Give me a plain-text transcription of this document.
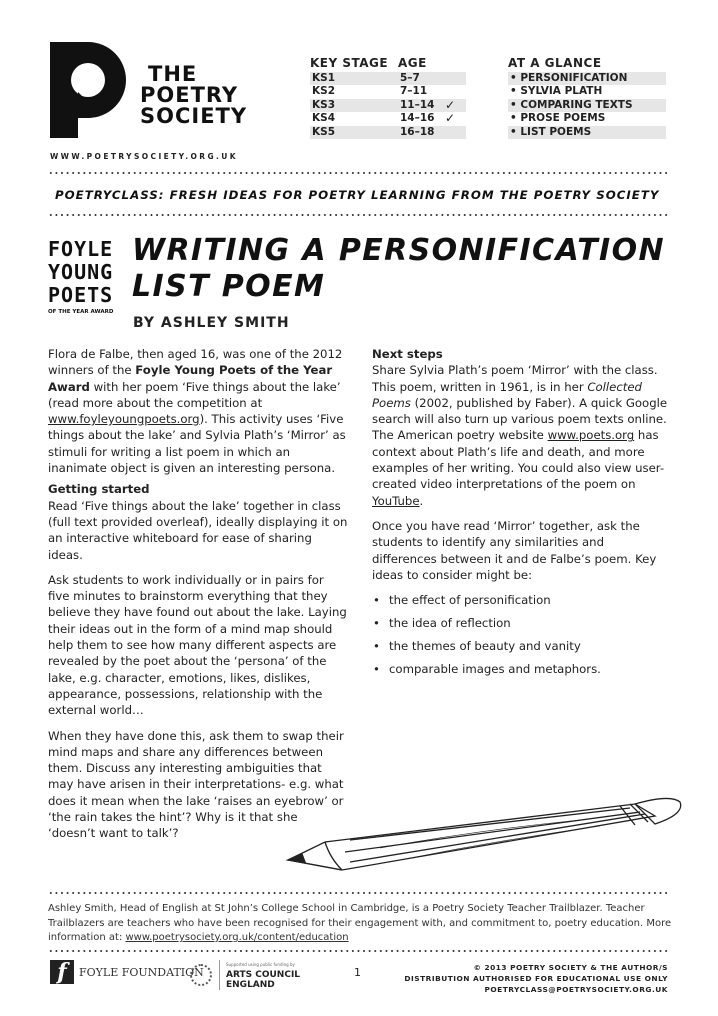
THE
POETRY
SOCIETY
WWW.POETRYSOCIETY.ORG.UK
KEY STAGE AGE
KS1	5–7
KS2	7–11
KS3	11–14 ✓
KS4	14–16 ✓
KS5	16–18
AT A GLANCE
• PERSONIFICATION
• SYLVIA PLATH
• COMPARING TEXTS
• PROSE POEMS
• LIST POEMS
POETRYCLASS: FRESH IDEAS FOR POETRY LEARNING FROM THE POETRY SOCIETY
FOYLE
YOUNG
POETS
OF THE YEAR AWARD
WRITING A PERSONIFICATION
LIST POEM
BY ASHLEY SMITH

Flora de Falbe, then aged 16, was one of the 2012 winners of the Foyle Young Poets of the Year Award with her poem ‘Five things about the lake’ (read more about the competition at www.foyleyoungpoets.org). This activity uses ‘Five things about the lake’ and Sylvia Plath’s ‘Mirror’ as stimuli for writing a list poem in which an inanimate object is given an interesting persona.

Getting started

Read ‘Five things about the lake’ together in class (full text provided overleaf), ideally displaying it on an interactive whiteboard for ease of sharing ideas.

Ask students to work individually or in pairs for five minutes to brainstorm everything that they believe they have found out about the lake. Laying their ideas out in the form of a mind map should help them to see how many different aspects are revealed by the poet about the ‘persona’ of the lake, e.g. character, emotions, likes, dislikes, appearance, possessions, relationship with the external world…

When they have done this, ask them to swap their mind maps and share any differences between them. Discuss any interesting ambiguities that may have arisen in their interpretations- e.g. what does it mean when the lake ‘raises an eyebrow’ or ‘the rain takes the hint’? Why is it that she ‘doesn’t want to talk’?

Next steps

Share Sylvia Plath’s poem ‘Mirror’ with the class. This poem, written in 1961, is in her Collected Poems (2002, published by Faber). A quick Google search will also turn up various poem texts online. The American poetry website www.poets.org has context about Plath’s life and death, and more examples of her writing. You could also view user-created video interpretations of the poem on YouTube.

Once you have read ‘Mirror’ together, ask the students to identify any similarities and differences between it and de Falbe’s poem. Key ideas to consider might be:

• the effect of personification
• the idea of reflection
• the themes of beauty and vanity
• comparable images and metaphors.
Ashley Smith, Head of English at St John’s College School in Cambridge, is a Poetry Society Teacher Trailblazer. Teacher Trailblazers are teachers who have been recognised for their engagement with, and commitment to, poetry education. More information at: www.poetrysociety.org.uk/content/education
f	FOYLE FOUNDATION
Supported using public funding by
ARTS COUNCIL
ENGLAND
1	© 2013 POETRY SOCIETY & THE AUTHOR/S
DISTRIBUTION AUTHORISED FOR EDUCATIONAL USE ONLY
POETRYCLASS@POETRYSOCIETY.ORG.UK
